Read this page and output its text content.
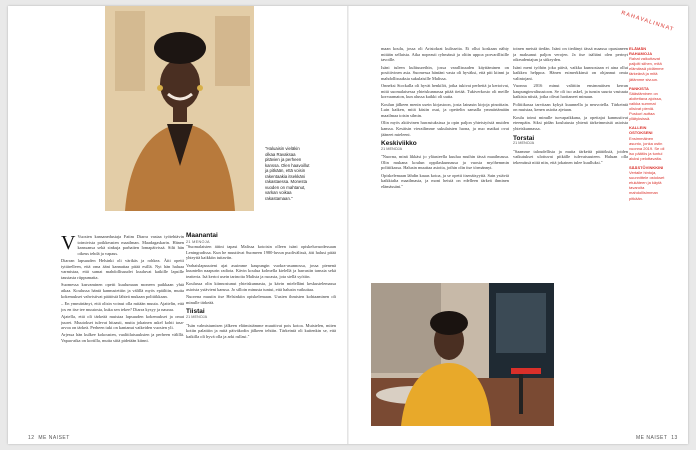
"Haluaisin vieläkin olkaa Ravaksaa pitävien ja perheen kanssa. Olen haavoillut ja pitkään, että voisin rakentaakia itsekkäni rakastaessa. Monesta vuoden on mahtanut, varkan voikaa rakastamaan."

V Vuosien kansanedustaja Fatim Diarra vastaa työtehtävin toimivista poikkeusten maailman. Maadagaskarin. Hänen kanssansa sekä sinkuja parhaiten lomapäivissä. Silti hän oikeus tehdä ja vapaus.

Diarran lapsuuden Helsinki oli värikäs ja rohkea. Äiti opetti tyttärelleen, että oma ääni kannattaa pitää esillä. Nyt hän haluaa varmistaa, että samat mahdollisuudet kuuluvat kaikille lapsille taustasta riippumatta.

Suomessa kasvaminen opetti kuulumaan moneen paikkaan yhtä aikaa. Koulussa häntä kannustettiin ja välillä myös epäiltiin, mutta kokemukset vahvistivat päätöstä lähteä mukaan politiikkaan.

– En ymmärtänyt, että olisin voinut olla mitään muuta. Ajattelin, että jos en itse tee muutosta, kuka sen tekee? Diarra kysyy ja nauraa.

Ajatella, että oli tärkeää muistaa lapsuuden kokemukset ja omat juuret. Muutokset tulevat hitaasti, mutta jokainen askel kohti tasa-arvoa on tärkeä. Perheen tuki on kantanut vaikeiden vuosien yli.

Arjessa hän kulkee kokousten, vaalitilaisuuksien ja perheen välillä. Vapaa-aika on kortilla, mutta siitä pidetään kiinni.

Maanantai
21 MENOJA

"Suomalaisten äitini tapasi Malissa kotoisin olleen isäni opiskeluvuodessaan Leningradissa. Kun he muuttivat Suomeen 1980-luvun puolivälissä, äiti halusi pitää yhteyttä kaikkiin tuttaviin.

Varhaislapsuuteni ajat asuimme kaupungin vuokra-asunnossa, jossa pienenä kuuntelin naapurin radiota. Kävin koulua kolmella kielellä ja harrastin tanssia sekä teatteria. Isä kertoi usein tarinoita Malista ja ruoasta, jota siellä syötiin.

Koulussa olin kiinnostunut yhteiskunnasta, ja kävin mielelläni keskustelemassa asioista ystävieni kanssa. Jo silloin minusta tuntui, että halusin vaikuttaa.

Nuorena muutin itse Helsinkiin opiskelemaan. Uusien ihmisten kohtaaminen oli minulle tärkeää.

Tiistai
21 MENOJA

"Isän valmistumisen jälkeen eläimistämme muuttivat pois kotoa. Muistelen, miten kotiin palattiin ja mitä päiväkodin jälkeen tehtiin. Tärkeintä oli kuitenkin se, että kaikilla oli hyvä olla ja arki rullasi."

12 ME NAISET
RAHAVALINNAT

maan koulu, jossa oli Aristokrat kulisseita. Ei ollut koskaan nähty mitään sellaista. Aika nopeasti ryhmässä ja oltiin uppoa porvarillisille tavoille.

Isäni tuleen kulttuureihin, jossa varallisuuden käyttäminen on positiivinen asia. Suomessa häntäni vasta oli hyväksi, että piti kiinni ja mahdollisuuksia sukulaisille Malissa.

Onneksi Stockalla oli hyvät henkilöt, jotka tukivat perhettä ja kertoivat, mitä suomalaisessa yhteiskunnassa pitää tietää. Tukiverkosto oli meille korvaamaton, kun alussa kaikki oli uutta.

Koulun jälkeen menin usein kirjastoon, josta lainasin kirjoja pinoittain. Luin kaiken, mitä käsiin osui, ja opettelin samalla ymmärtämään maailmaa toisin silmin.

Olin myös aktiivinen harrastuksissa ja opin paljon yhteistyöstä muiden kanssa. Kesäisin vierailimme sukulaisten luona, ja nuo matkat ovat jääneet mieleeni.

Keskiviikko
21 MENOJA

"Nuorna, minä likkäsi jo yläasteella kuulua muihin tässä maailmassa. Olin mukana koulun oppilaskunnassa ja vuosia myöhemmin politiikassa. Halusin muuttaa asioita, joihin olin itse törmännyt.

Opiskelemaan lähdin kauas kotoa, ja se opetti itsenäisyyttä. Sain ystäviä kaikkialta maailmasta, ja moni heistä on edelleen tärkeä ihminen elämässäni."

toinen meistä tiedän. Isäni on tiedänyt tässä maassa opastaneen ja maksanut paljon verojen. Ja itse isältäni olen perinyt oikeudentajun ja sitkeyden.

Isäni meni työhön joka päivä, vaikka kunnostaan ei aina ollut kaikkea helppoa. Hänen esimerkkinsä on ohjannut omia valintojani.

Vuonna 2016 minut valittiin ensimmäisen kerran kaupunginvaltuustoon. Se oli iso askel, ja tunsin suurta vastuuta kaikista niistä, jotka olivat luottaneet minuun.

Politiikassa tarvitaan kykyä kuunnella ja neuvotella. Tärkeintä on muistaa, kenen asioita ajetaan.

Koulu toimi minulle turvapaikkana, ja opettajat kannustivat eteenpäin. Siksi pidän koulutusta yhtenä tärkeimmistä asioista yhteiskunnassa.

Torstai
21 MENOJA

"Saamme taloudellisia ja muita tärkeitä päätöksiä, joiden vaikutukset ulottuvat pitkälle tulevaisuuteen. Haluan olla tekemässä niitä niin, että jokainen tulee kuulluksi."

ELÄMÄN RAHAMOJA
Rahat vaikuttavat paljolti siihen, mitä elämässä pidämme tärkeänä ja mitä jätämme sivuun.

PANKISTA
Säästäminen on aloitettava ajoissa, vaikka summat olisivat pieniä. Puskuri auttaa yllätyksissä.

KALLEIN OSTOKSENI
Ensimmäinen asunto, jonka ostin vuonna 2019. Se oli iso päätös ja tuntui aluksi pelottavalta.

SÄÄSTÖVINKKINI
Vertaile hintoja, suunnittele ostokset etukäteen ja käytä tavaroita mahdollisimman pitkään.

"Haluaisin tehdä eniten kaikille, jotka eivät ole vielä löytäneet ääntään. Vaikka kokisi, että elämä on tuonut vastoinkäymisiä, ei kannata luovuttaa."
ME NAISET 13
